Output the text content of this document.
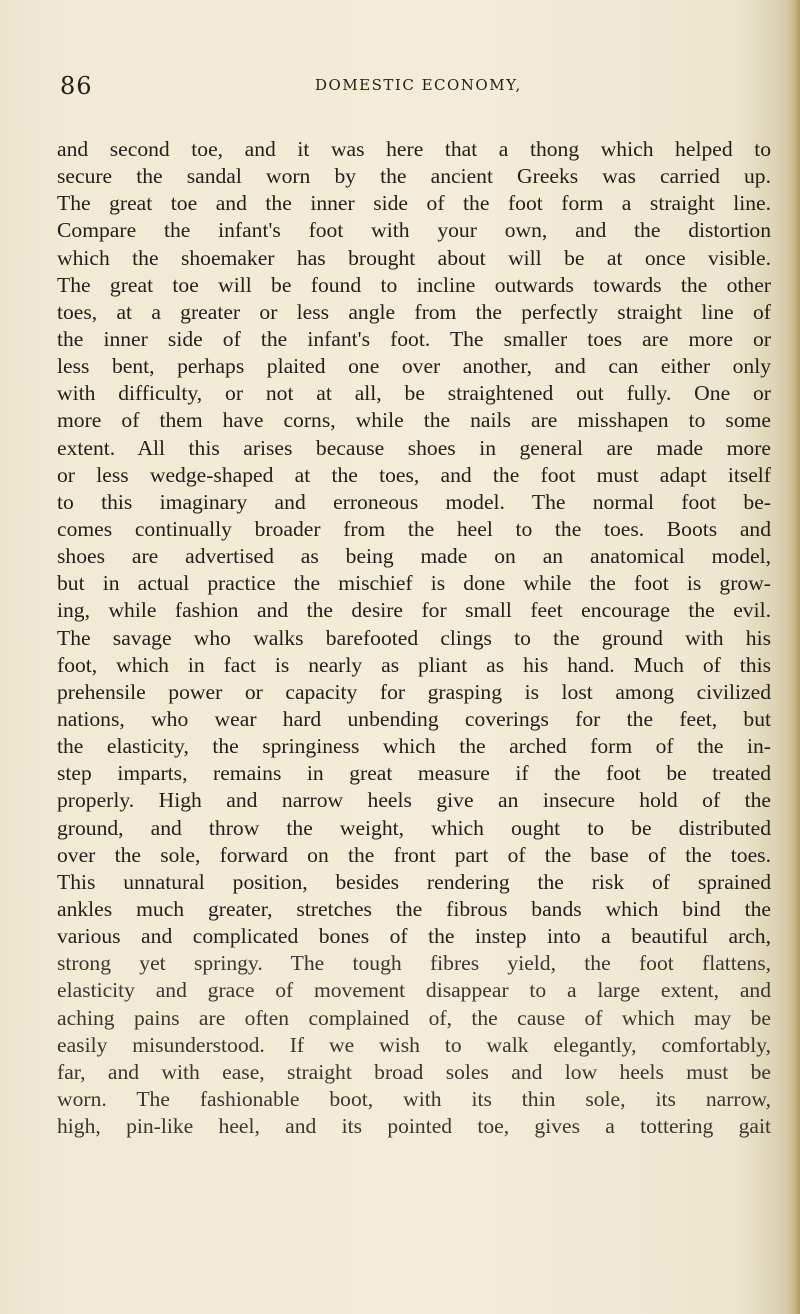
86	DOMESTIC ECONOMY,
and second toe, and it was here that a thong which helped to
secure the sandal worn by the ancient Greeks was carried up.
The great toe and the inner side of the foot form a straight line.
Compare the infant's foot with your own, and the distortion
which the shoemaker has brought about will be at once visible.
The great toe will be found to incline outwards towards the other
toes, at a greater or less angle from the perfectly straight line of
the inner side of the infant's foot. The smaller toes are more or
less bent, perhaps plaited one over another, and can either only
with difficulty, or not at all, be straightened out fully. One or
more of them have corns, while the nails are misshapen to some
extent. All this arises because shoes in general are made more
or less wedge-shaped at the toes, and the foot must adapt itself
to this imaginary and erroneous model. The normal foot be-
comes continually broader from the heel to the toes. Boots and
shoes are advertised as being made on an anatomical model,
but in actual practice the mischief is done while the foot is grow-
ing, while fashion and the desire for small feet encourage the evil.
The savage who walks barefooted clings to the ground with his
foot, which in fact is nearly as pliant as his hand. Much of this
prehensile power or capacity for grasping is lost among civilized
nations, who wear hard unbending coverings for the feet, but
the elasticity, the springiness which the arched form of the in-
step imparts, remains in great measure if the foot be treated
properly. High and narrow heels give an insecure hold of the
ground, and throw the weight, which ought to be distributed
over the sole, forward on the front part of the base of the toes.
This unnatural position, besides rendering the risk of sprained
ankles much greater, stretches the fibrous bands which bind the
various and complicated bones of the instep into a beautiful arch,
strong yet springy. The tough fibres yield, the foot flattens,
elasticity and grace of movement disappear to a large extent, and
aching pains are often complained of, the cause of which may be
easily misunderstood. If we wish to walk elegantly, comfortably,
far, and with ease, straight broad soles and low heels must be
worn. The fashionable boot, with its thin sole, its narrow,
high, pin-like heel, and its pointed toe, gives a tottering gait
